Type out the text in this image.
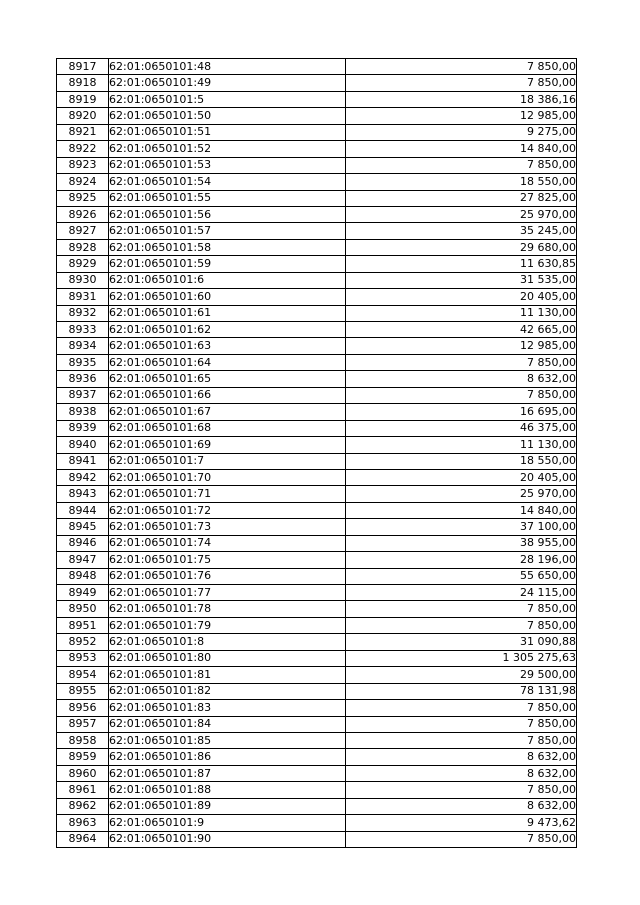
8917	62:01:0650101:48	7 850,00
8918	62:01:0650101:49	7 850,00
8919	62:01:0650101:5	18 386,16
8920	62:01:0650101:50	12 985,00
8921	62:01:0650101:51	9 275,00
8922	62:01:0650101:52	14 840,00
8923	62:01:0650101:53	7 850,00
8924	62:01:0650101:54	18 550,00
8925	62:01:0650101:55	27 825,00
8926	62:01:0650101:56	25 970,00
8927	62:01:0650101:57	35 245,00
8928	62:01:0650101:58	29 680,00
8929	62:01:0650101:59	11 630,85
8930	62:01:0650101:6	31 535,00
8931	62:01:0650101:60	20 405,00
8932	62:01:0650101:61	11 130,00
8933	62:01:0650101:62	42 665,00
8934	62:01:0650101:63	12 985,00
8935	62:01:0650101:64	7 850,00
8936	62:01:0650101:65	8 632,00
8937	62:01:0650101:66	7 850,00
8938	62:01:0650101:67	16 695,00
8939	62:01:0650101:68	46 375,00
8940	62:01:0650101:69	11 130,00
8941	62:01:0650101:7	18 550,00
8942	62:01:0650101:70	20 405,00
8943	62:01:0650101:71	25 970,00
8944	62:01:0650101:72	14 840,00
8945	62:01:0650101:73	37 100,00
8946	62:01:0650101:74	38 955,00
8947	62:01:0650101:75	28 196,00
8948	62:01:0650101:76	55 650,00
8949	62:01:0650101:77	24 115,00
8950	62:01:0650101:78	7 850,00
8951	62:01:0650101:79	7 850,00
8952	62:01:0650101:8	31 090,88
8953	62:01:0650101:80	1 305 275,63
8954	62:01:0650101:81	29 500,00
8955	62:01:0650101:82	78 131,98
8956	62:01:0650101:83	7 850,00
8957	62:01:0650101:84	7 850,00
8958	62:01:0650101:85	7 850,00
8959	62:01:0650101:86	8 632,00
8960	62:01:0650101:87	8 632,00
8961	62:01:0650101:88	7 850,00
8962	62:01:0650101:89	8 632,00
8963	62:01:0650101:9	9 473,62
8964	62:01:0650101:90	7 850,00
